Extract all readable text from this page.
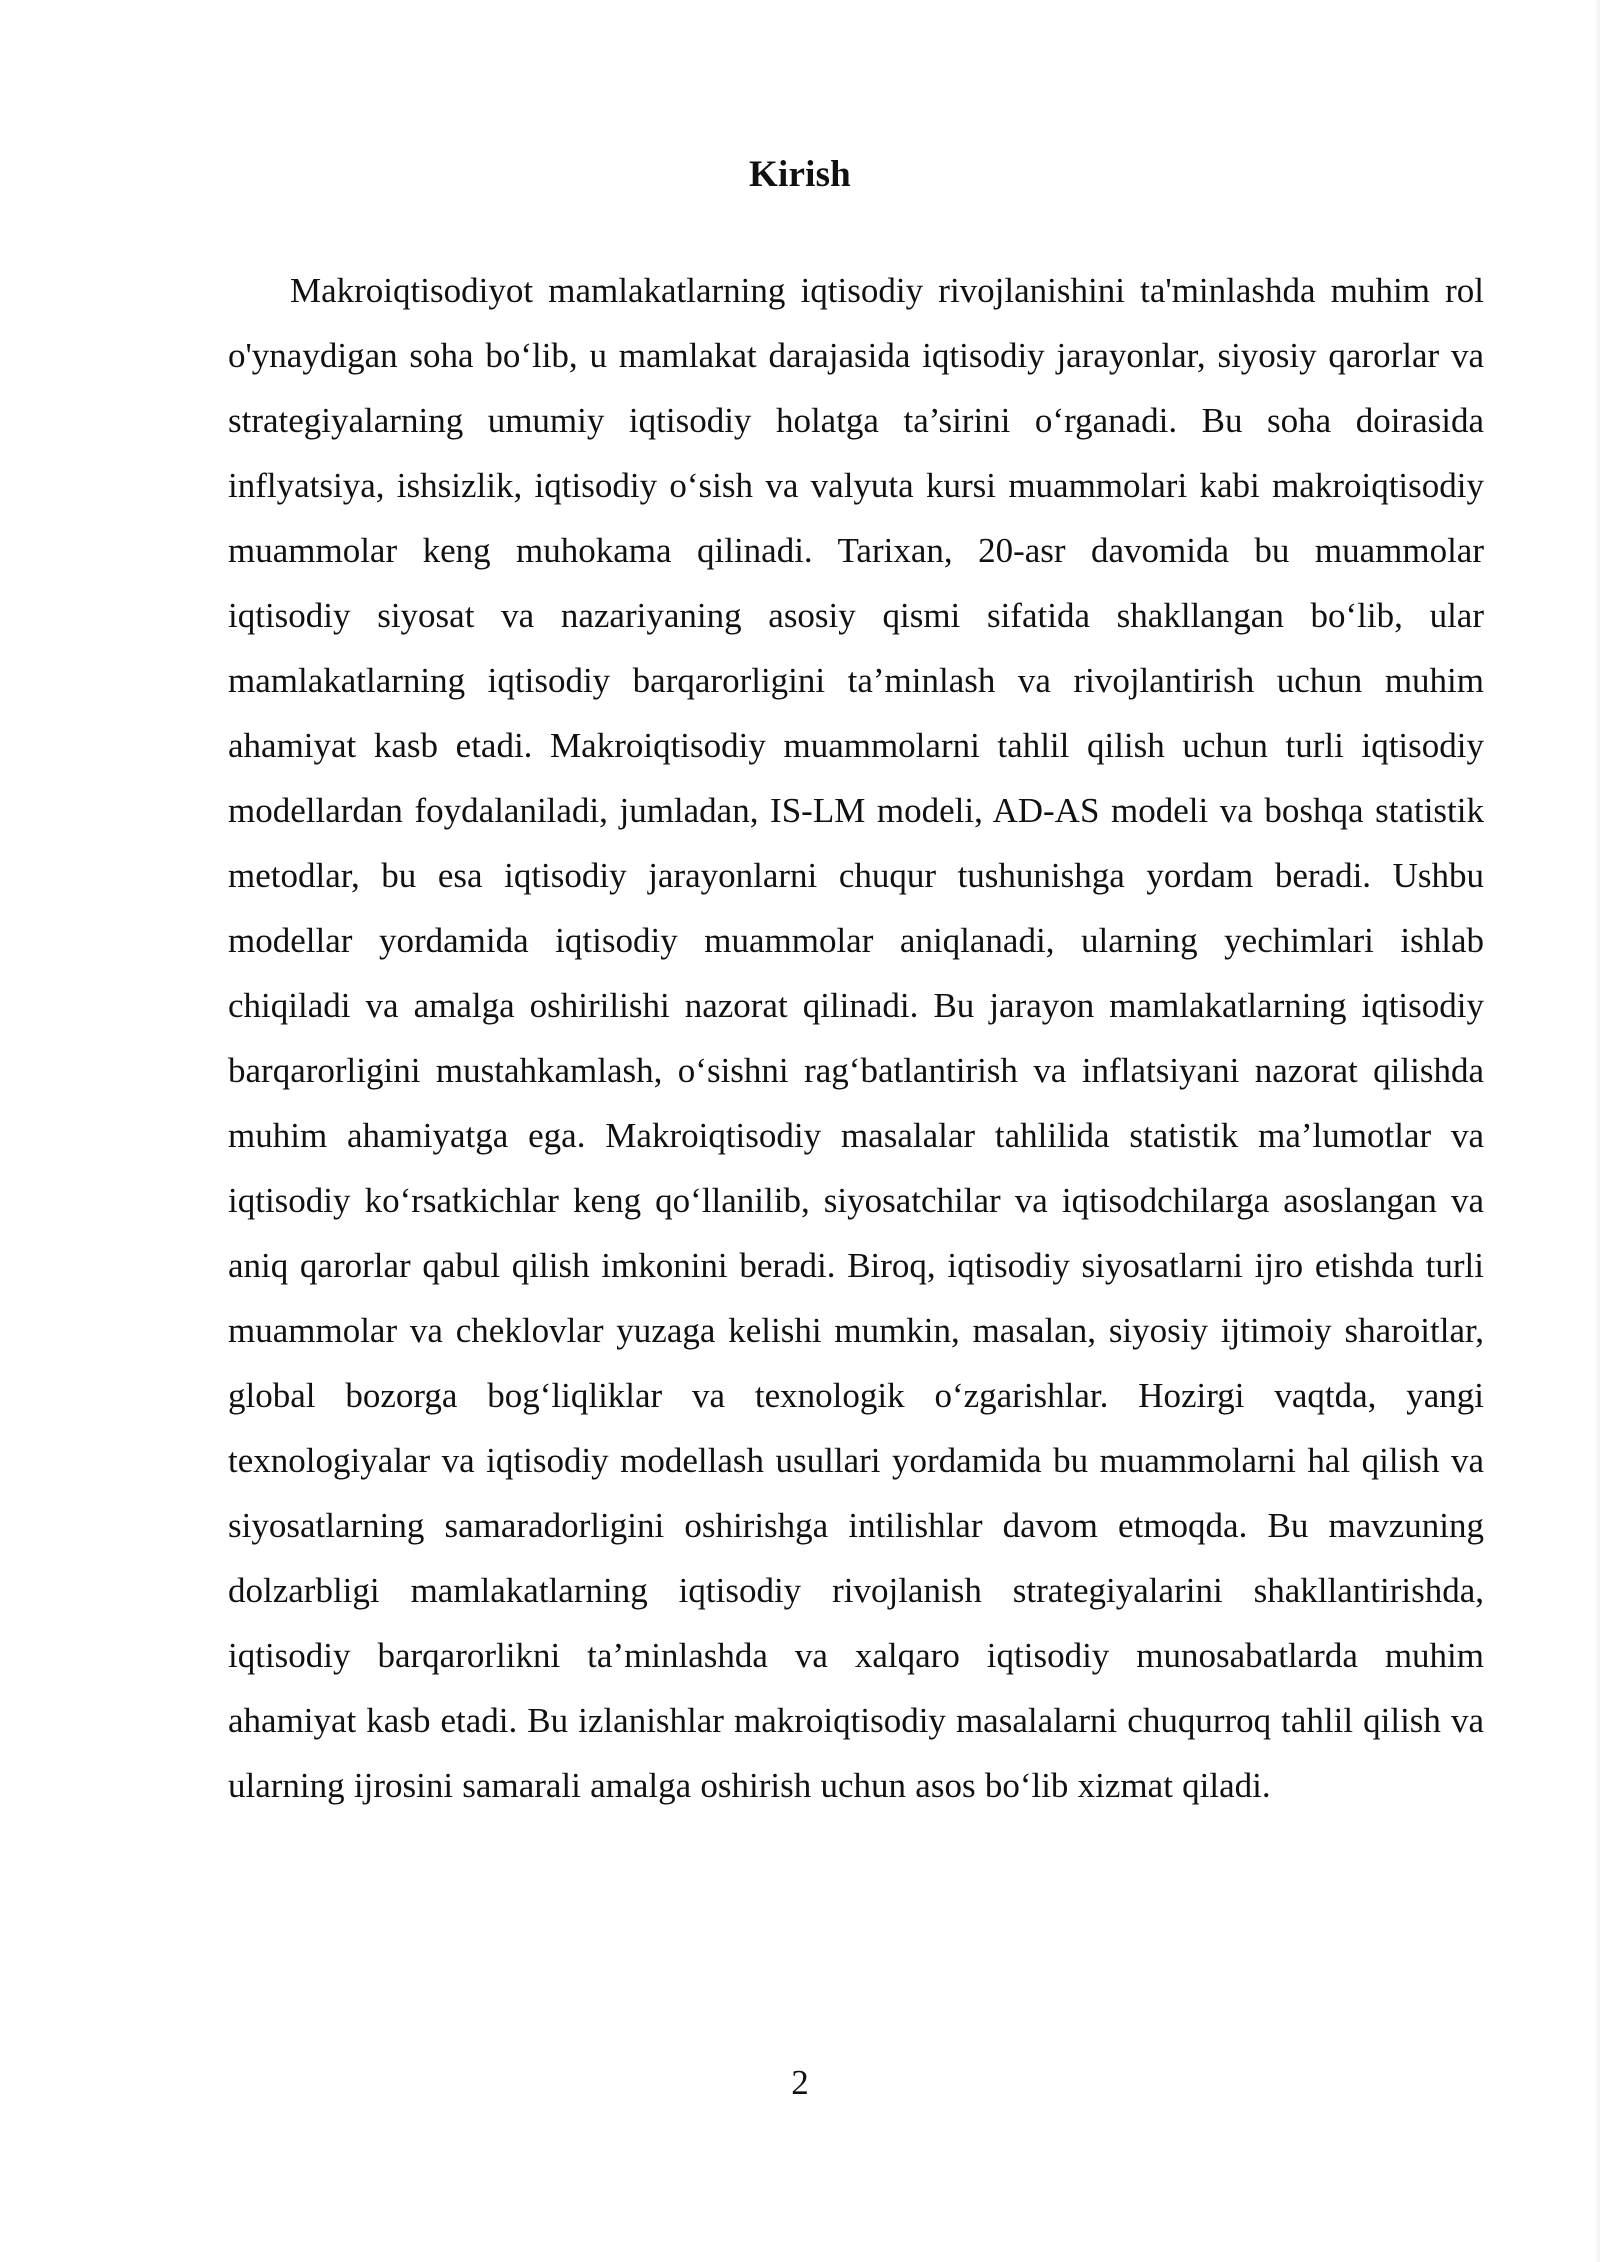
Kirish

Makroiqtisodiyot mamlakatlarning iqtisodiy rivojlanishini ta'minlashda muhim rol o'ynaydigan soha bo‘lib, u mamlakat darajasida iqtisodiy jarayonlar, siyosiy qarorlar va strategiyalarning umumiy iqtisodiy holatga ta’sirini o‘rganadi. Bu soha doirasida inflyatsiya, ishsizlik, iqtisodiy o‘sish va valyuta kursi muammolari kabi makroiqtisodiy muammolar keng muhokama qilinadi. Tarixan, 20-asr davomida bu muammolar iqtisodiy siyosat va nazariyaning asosiy qismi sifatida shakllangan bo‘lib, ular mamlakatlarning iqtisodiy barqarorligini ta’minlash va rivojlantirish uchun muhim ahamiyat kasb etadi. Makroiqtisodiy muammolarni tahlil qilish uchun turli iqtisodiy modellardan foydalaniladi, jumladan, IS-LM modeli, AD-AS modeli va boshqa statistik metodlar, bu esa iqtisodiy jarayonlarni chuqur tushunishga yordam beradi. Ushbu modellar yordamida iqtisodiy muammolar aniqlanadi, ularning yechimlari ishlab chiqiladi va amalga oshirilishi nazorat qilinadi. Bu jarayon mamlakatlarning iqtisodiy barqarorligini mustahkamlash, o‘sishni rag‘batlantirish va inflatsiyani nazorat qilishda muhim ahamiyatga ega. Makroiqtisodiy masalalar tahlilida statistik ma’lumotlar va iqtisodiy ko‘rsatkichlar keng qo‘llanilib, siyosatchilar va iqtisodchilarga asoslangan va aniq qarorlar qabul qilish imkonini beradi. Biroq, iqtisodiy siyosatlarni ijro etishda turli muammolar va cheklovlar yuzaga kelishi mumkin, masalan, siyosiy ijtimoiy sharoitlar, global bozorga bog‘liqliklar va texnologik o‘zgarishlar. Hozirgi vaqtda, yangi texnologiyalar va iqtisodiy modellash usullari yordamida bu muammolarni hal qilish va siyosatlarning samaradorligini oshirishga intilishlar davom etmoqda. Bu mavzuning dolzarbligi mamlakatlarning iqtisodiy rivojlanish strategiyalarini shakllantirishda, iqtisodiy barqarorlikni ta’minlashda va xalqaro iqtisodiy munosabatlarda muhim ahamiyat kasb etadi. Bu izlanishlar makroiqtisodiy masalalarni chuqurroq tahlil qilish va ularning ijrosini samarali amalga oshirish uchun asos bo‘lib xizmat qiladi.

2
